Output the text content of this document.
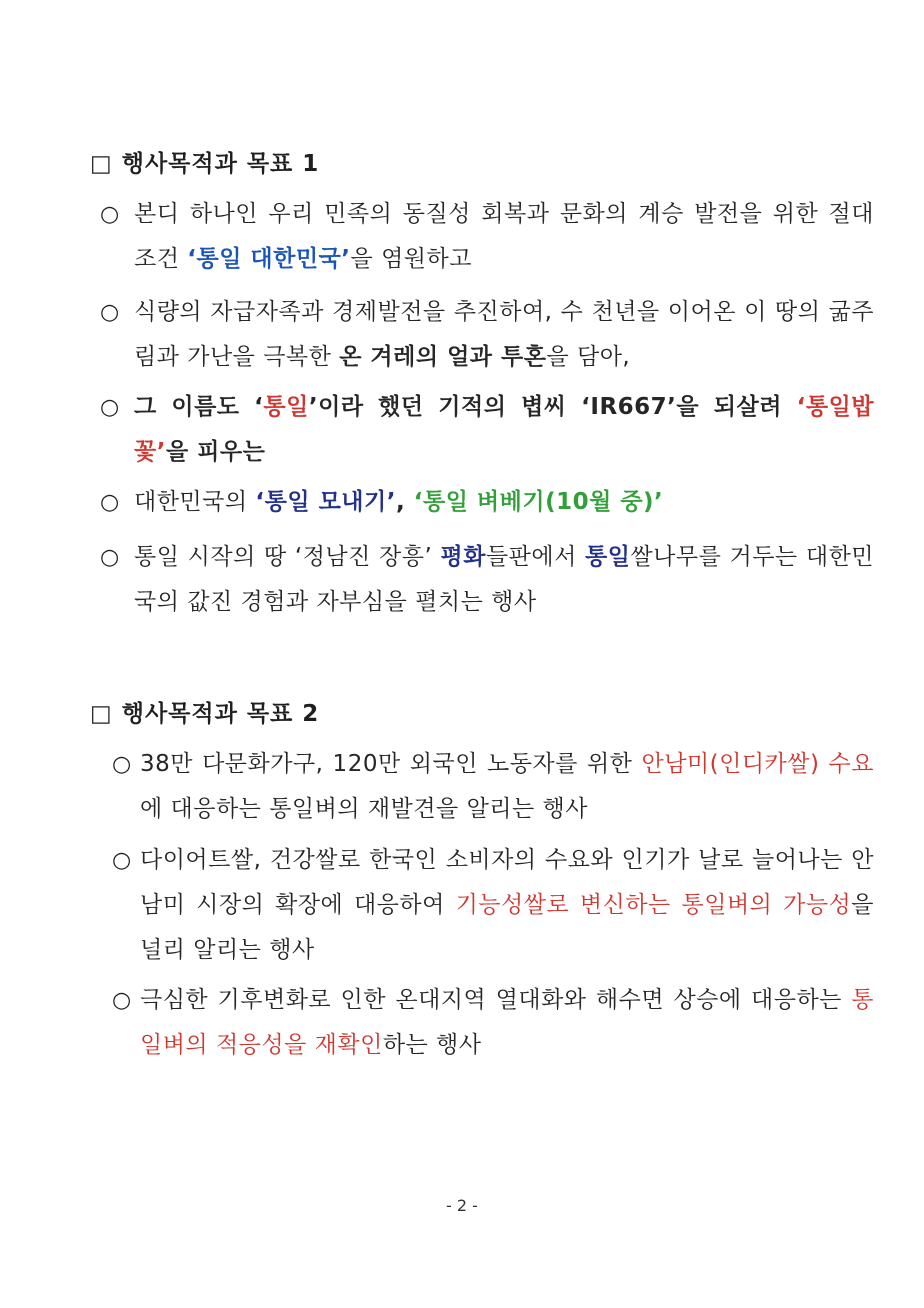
□ 행사목적과 목표 1
○ 본디 하나인 우리 민족의 동질성 회복과 문화의 계승 발전을 위한 절대 조건 ‘통일 대한민국’을 염원하고
○ 식량의 자급자족과 경제발전을 추진하여, 수 천년을 이어온 이 땅의 굶주림과 가난을 극복한 온 겨레의 얼과 투혼을 담아,
○ 그 이름도 ‘통일’이라 했던 기적의 볍씨 ‘IR667’을 되살려 ‘통일밥꽃’을 피우는
○ 대한민국의 ‘통일 모내기’, ‘통일 벼베기(10월 중)’
○ 통일 시작의 땅 ‘정남진 장흥’ 평화들판에서 통일쌀나무를 거두는 대한민국의 값진 경험과 자부심을 펼치는 행사
□ 행사목적과 목표 2
○ 38만 다문화가구, 120만 외국인 노동자를 위한 안남미(인디카쌀) 수요에 대응하는 통일벼의 재발견을 알리는 행사
○ 다이어트쌀, 건강쌀로 한국인 소비자의 수요와 인기가 날로 늘어나는 안남미 시장의 확장에 대응하여 기능성쌀로 변신하는 통일벼의 가능성을 널리 알리는 행사
○ 극심한 기후변화로 인한 온대지역 열대화와 해수면 상승에 대응하는 통일벼의 적응성을 재확인하는 행사
- 2 -
